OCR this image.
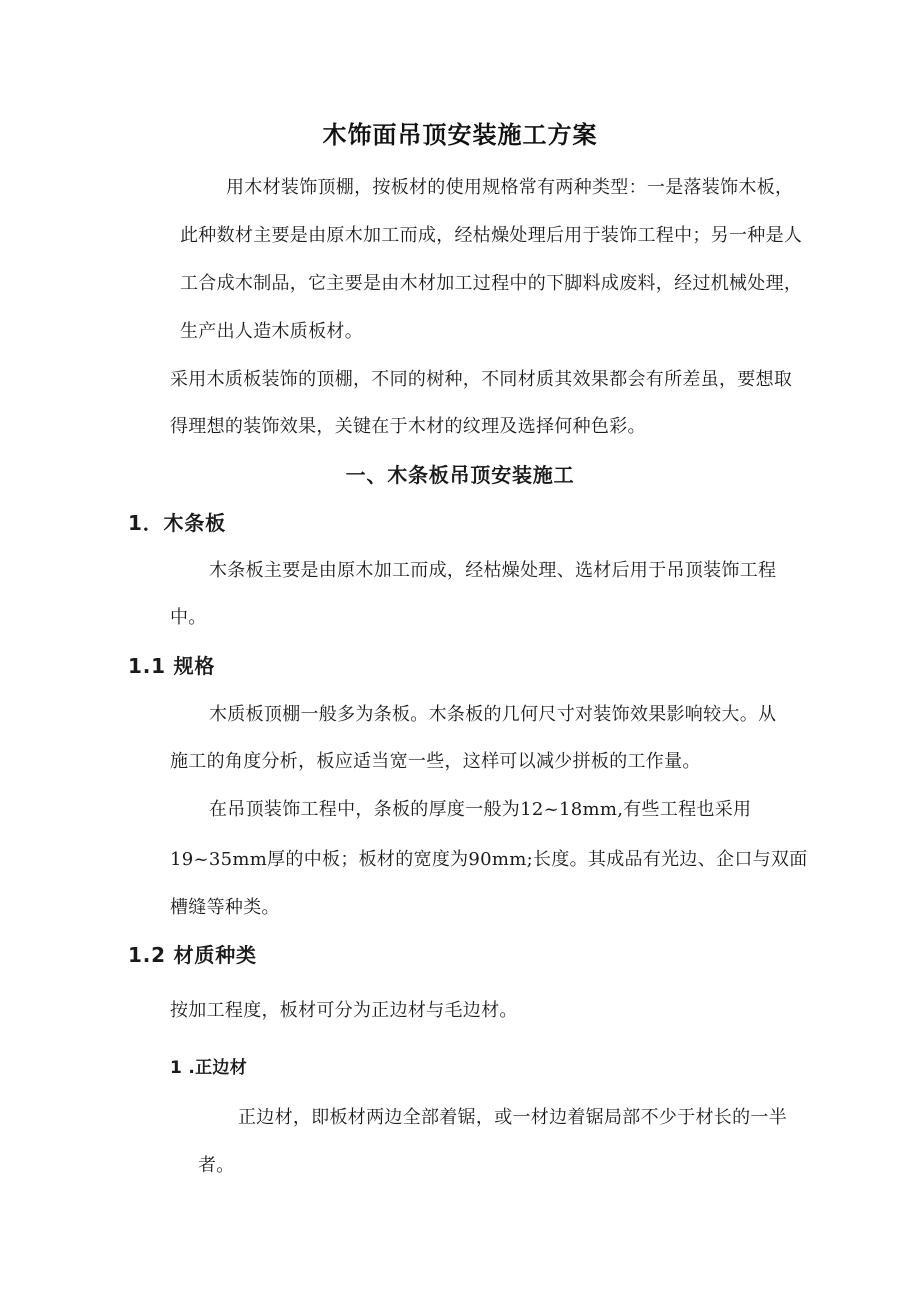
木饰面吊顶安装施工方案

用木材装饰顶棚，按板材的使用规格常有两种类型：一是落装饰木板，

此种数材主要是由原木加工而成，经枯燥处理后用于装饰工程中；另一种是人

工合成木制品，它主要是由木材加工过程中的下脚料成废料，经过机械处理，

生产出人造木质板材。

采用木质板装饰的顶棚，不同的树种，不同材质其效果都会有所差虽，要想取

得理想的装饰效果，关键在于木材的纹理及选择何种色彩。

一、木条板吊顶安装施工
1．木条板

木条板主要是由原木加工而成，经枯燥处理、选材后用于吊顶装饰工程

中。

1.1 规格

木质板顶棚一般多为条板。木条板的几何尺寸对装饰效果影响较大。从

施工的角度分析，板应适当宽一些，这样可以减少拼板的工作量。

在吊顶装饰工程中，条板的厚度一般为12~18mm,有些工程也采用

19~35mm厚的中板；板材的宽度为90mm;长度。其成品有光边、企口与双面

槽缝等种类。

1.2 材质种类

按加工程度，板材可分为正边材与毛边材。

1 .正边材

正边材，即板材两边全部着锯，或一材边着锯局部不少于材长的一半

者。
